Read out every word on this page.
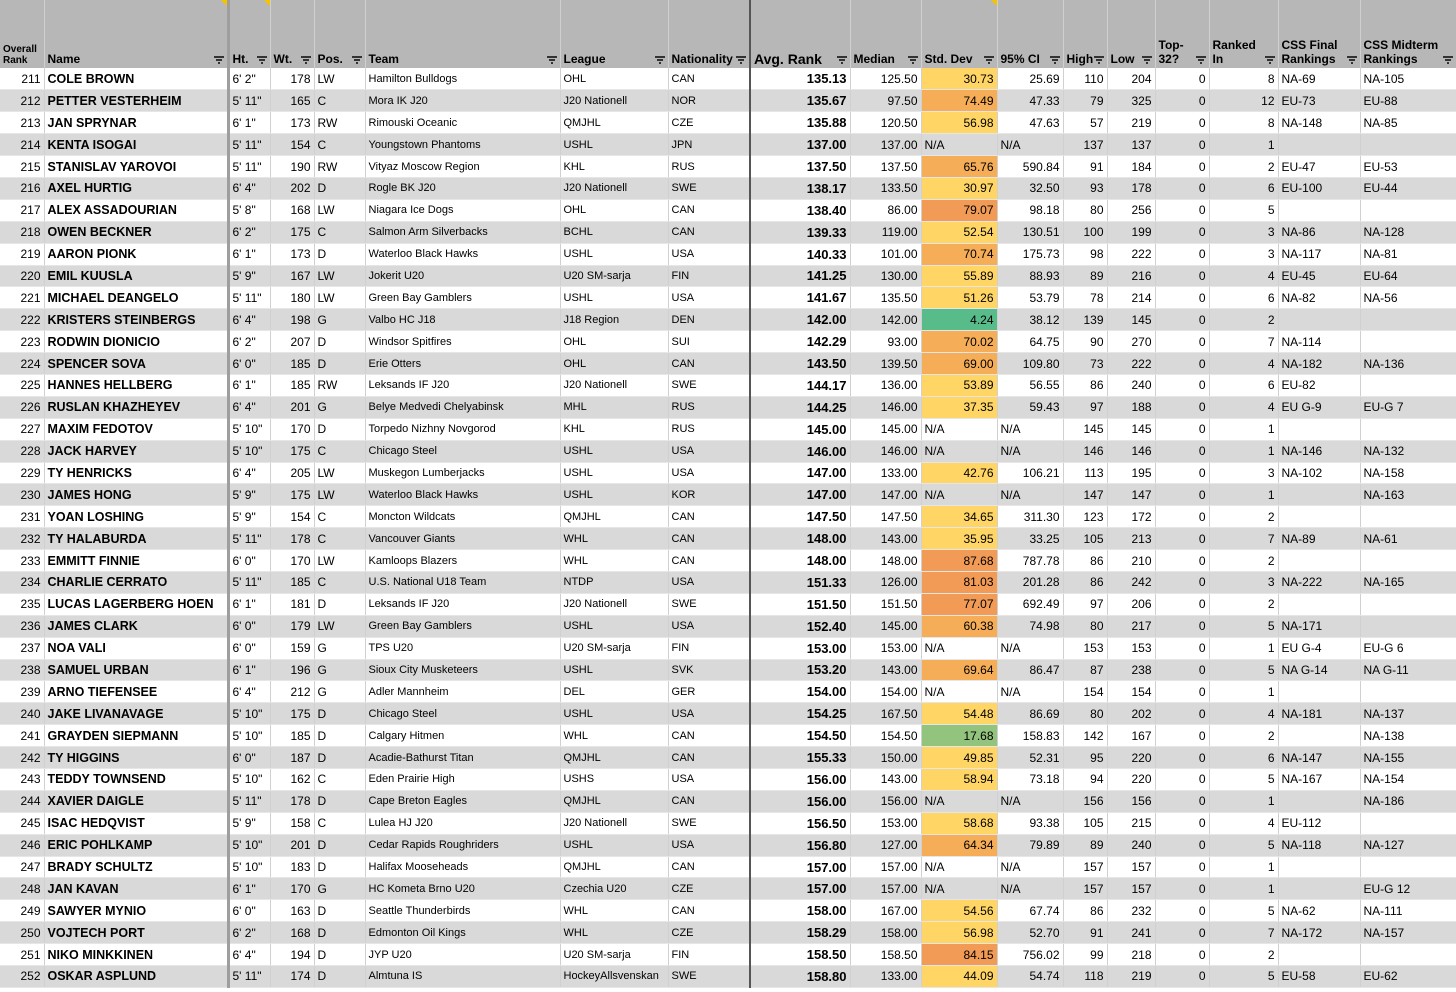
Overall Rank	Name	Ht.	Wt.	Pos.	Team	League	Nationality	Avg. Rank	Median	Std. Dev	95% CI	High	Low	Top-32?	Ranked In	CSS Final Rankings	CSS Midterm Rankings

211	COLE BROWN	6' 2"	178	LW	Hamilton Bulldogs	OHL	CAN	135.13	125.50	30.73	25.69	110	204	0	8	NA-69	NA-105
212	PETTER VESTERHEIM	5' 11"	165	C	Mora IK J20	J20 Nationell	NOR	135.67	97.50	74.49	47.33	79	325	0	12	EU-73	EU-88
213	JAN SPRYNAR	6' 1"	173	RW	Rimouski Oceanic	QMJHL	CZE	135.88	120.50	56.98	47.63	57	219	0	8	NA-148	NA-85
214	KENTA ISOGAI	5' 11"	154	C	Youngstown Phantoms	USHL	JPN	137.00	137.00	N/A	N/A	137	137	0	1		
215	STANISLAV YAROVOI	5' 11"	190	RW	Vityaz Moscow Region	KHL	RUS	137.50	137.50	65.76	590.84	91	184	0	2	EU-47	EU-53
216	AXEL HURTIG	6' 4"	202	D	Rogle BK J20	J20 Nationell	SWE	138.17	133.50	30.97	32.50	93	178	0	6	EU-100	EU-44
217	ALEX ASSADOURIAN	5' 8"	168	LW	Niagara Ice Dogs	OHL	CAN	138.40	86.00	79.07	98.18	80	256	0	5		
218	OWEN BECKNER	6' 2"	175	C	Salmon Arm Silverbacks	BCHL	CAN	139.33	119.00	52.54	130.51	100	199	0	3	NA-86	NA-128
219	AARON PIONK	6' 1"	173	D	Waterloo Black Hawks	USHL	USA	140.33	101.00	70.74	175.73	98	222	0	3	NA-117	NA-81
220	EMIL KUUSLA	5' 9"	167	LW	Jokerit U20	U20 SM-sarja	FIN	141.25	130.00	55.89	88.93	89	216	0	4	EU-45	EU-64
221	MICHAEL DEANGELO	5' 11"	180	LW	Green Bay Gamblers	USHL	USA	141.67	135.50	51.26	53.79	78	214	0	6	NA-82	NA-56
222	KRISTERS STEINBERGS	6' 4"	198	G	Valbo HC J18	J18 Region	DEN	142.00	142.00	4.24	38.12	139	145	0	2		
223	RODWIN DIONICIO	6' 2"	207	D	Windsor Spitfires	OHL	SUI	142.29	93.00	70.02	64.75	90	270	0	7	NA-114	
224	SPENCER SOVA	6' 0"	185	D	Erie Otters	OHL	CAN	143.50	139.50	69.00	109.80	73	222	0	4	NA-182	NA-136
225	HANNES HELLBERG	6' 1"	185	RW	Leksands IF J20	J20 Nationell	SWE	144.17	136.00	53.89	56.55	86	240	0	6	EU-82	
226	RUSLAN KHAZHEYEV	6' 4"	201	G	Belye Medvedi Chelyabinsk	MHL	RUS	144.25	146.00	37.35	59.43	97	188	0	4	EU G-9	EU-G 7
227	MAXIM FEDOTOV	5' 10"	170	D	Torpedo Nizhny Novgorod	KHL	RUS	145.00	145.00	N/A	N/A	145	145	0	1		
228	JACK HARVEY	5' 10"	175	C	Chicago Steel	USHL	USA	146.00	146.00	N/A	N/A	146	146	0	1	NA-146	NA-132
229	TY HENRICKS	6' 4"	205	LW	Muskegon Lumberjacks	USHL	USA	147.00	133.00	42.76	106.21	113	195	0	3	NA-102	NA-158
230	JAMES HONG	5' 9"	175	LW	Waterloo Black Hawks	USHL	KOR	147.00	147.00	N/A	N/A	147	147	0	1		NA-163
231	YOAN LOSHING	5' 9"	154	C	Moncton Wildcats	QMJHL	CAN	147.50	147.50	34.65	311.30	123	172	0	2		
232	TY HALABURDA	5' 11"	178	C	Vancouver Giants	WHL	CAN	148.00	143.00	35.95	33.25	105	213	0	7	NA-89	NA-61
233	EMMITT FINNIE	6' 0"	170	LW	Kamloops Blazers	WHL	CAN	148.00	148.00	87.68	787.78	86	210	0	2		
234	CHARLIE CERRATO	5' 11"	185	C	U.S. National U18 Team	NTDP	USA	151.33	126.00	81.03	201.28	86	242	0	3	NA-222	NA-165
235	LUCAS LAGERBERG HOEN	6' 1"	181	D	Leksands IF J20	J20 Nationell	SWE	151.50	151.50	77.07	692.49	97	206	0	2		
236	JAMES CLARK	6' 0"	179	LW	Green Bay Gamblers	USHL	USA	152.40	145.00	60.38	74.98	80	217	0	5	NA-171	
237	NOA VALI	6' 0"	159	G	TPS U20	U20 SM-sarja	FIN	153.00	153.00	N/A	N/A	153	153	0	1	EU G-4	EU-G 6
238	SAMUEL URBAN	6' 1"	196	G	Sioux City Musketeers	USHL	SVK	153.20	143.00	69.64	86.47	87	238	0	5	NA G-14	NA G-11
239	ARNO TIEFENSEE	6' 4"	212	G	Adler Mannheim	DEL	GER	154.00	154.00	N/A	N/A	154	154	0	1		
240	JAKE LIVANAVAGE	5' 10"	175	D	Chicago Steel	USHL	USA	154.25	167.50	54.48	86.69	80	202	0	4	NA-181	NA-137
241	GRAYDEN SIEPMANN	5' 10"	185	D	Calgary Hitmen	WHL	CAN	154.50	154.50	17.68	158.83	142	167	0	2		NA-138
242	TY HIGGINS	6' 0"	187	D	Acadie-Bathurst Titan	QMJHL	CAN	155.33	150.00	49.85	52.31	95	220	0	6	NA-147	NA-155
243	TEDDY TOWNSEND	5' 10"	162	C	Eden Prairie High	USHS	USA	156.00	143.00	58.94	73.18	94	220	0	5	NA-167	NA-154
244	XAVIER DAIGLE	5' 11"	178	D	Cape Breton Eagles	QMJHL	CAN	156.00	156.00	N/A	N/A	156	156	0	1		NA-186
245	ISAC HEDQVIST	5' 9"	158	C	Lulea HJ J20	J20 Nationell	SWE	156.50	153.00	58.68	93.38	105	215	0	4	EU-112	
246	ERIC POHLKAMP	5' 10"	201	D	Cedar Rapids Roughriders	USHL	USA	156.80	127.00	64.34	79.89	89	240	0	5	NA-118	NA-127
247	BRADY SCHULTZ	5' 10"	183	D	Halifax Mooseheads	QMJHL	CAN	157.00	157.00	N/A	N/A	157	157	0	1		
248	JAN KAVAN	6' 1"	170	G	HC Kometa Brno U20	Czechia U20	CZE	157.00	157.00	N/A	N/A	157	157	0	1		EU-G 12
249	SAWYER MYNIO	6' 0"	163	D	Seattle Thunderbirds	WHL	CAN	158.00	167.00	54.56	67.74	86	232	0	5	NA-62	NA-111
250	VOJTECH PORT	6' 2"	168	D	Edmonton Oil Kings	WHL	CZE	158.29	158.00	56.98	52.70	91	241	0	7	NA-172	NA-157
251	NIKO MINKKINEN	6' 4"	194	D	JYP U20	U20 SM-sarja	FIN	158.50	158.50	84.15	756.02	99	218	0	2		
252	OSKAR ASPLUND	5' 11"	174	D	Almtuna IS	HockeyAllsvenskan	SWE	158.80	133.00	44.09	54.74	118	219	0	5	EU-58	EU-62
